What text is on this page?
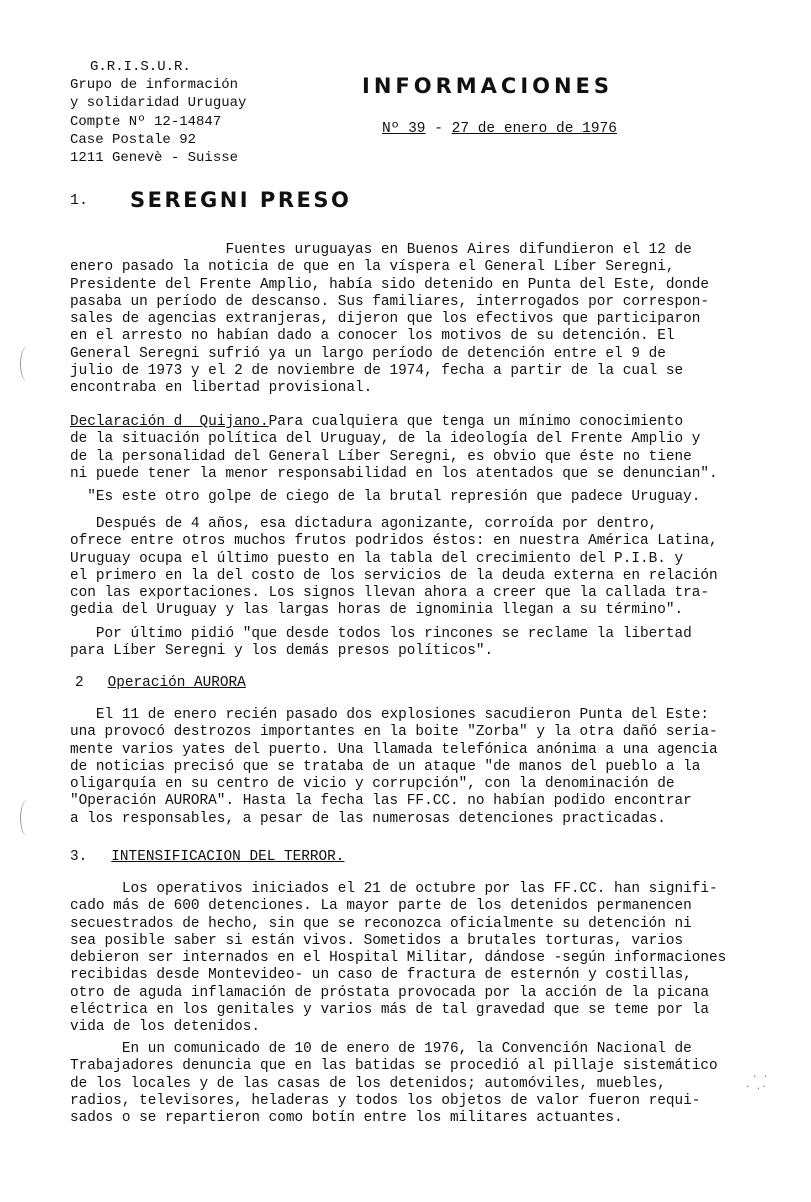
G.R.I.S.U.R.
Grupo de información
y solidaridad Uruguay
Compte Nº 12-14847
Case Postale 92
1211 Genevè - Suisse
INFORMACIONES
Nº 39 - 27 de enero de 1976
1. SEREGNI PRESO
Fuentes uruguayas en Buenos Aires difundieron el 12 de
enero pasado la noticia de que en la víspera el General Líber Seregni,
Presidente del Frente Amplio, había sido detenido en Punta del Este, donde
pasaba un período de descanso. Sus familiares, interrogados por correspon-
sales de agencias extranjeras, dijeron que los efectivos que participaron
en el arresto no habían dado a conocer los motivos de su detención. El
General Seregni sufrió ya un largo período de detención entre el 9 de
julio de 1973 y el 2 de noviembre de 1974, fecha a partir de la cual se
encontraba en libertad provisional.
Declaración d  Quijano.Para cualquiera que tenga un mínimo conocimiento
de la situación política del Uruguay, de la ideología del Frente Amplio y
de la personalidad del General Líber Seregni, es obvio que éste no tiene
ni puede tener la menor responsabilidad en los atentados que se denuncian".
"Es este otro golpe de ciego de la brutal represión que padece Uruguay.
Después de 4 años, esa dictadura agonizante, corroída por dentro,
ofrece entre otros muchos frutos podridos éstos: en nuestra América Latina,
Uruguay ocupa el último puesto en la tabla del crecimiento del P.I.B. y
el primero en la del costo de los servicios de la deuda externa en relación
con las exportaciones. Los signos llevan ahora a creer que la callada tra-
gedia del Uruguay y las largas horas de ignominia llegan a su término".
Por último pidió "que desde todos los rincones se reclame la libertad
para Líber Seregni y los demás presos políticos".
2 Operación AURORA
El 11 de enero recién pasado dos explosiones sacudieron Punta del Este:
una provocó destrozos importantes en la boite "Zorba" y la otra dañó seria-
mente varios yates del puerto. Una llamada telefónica anónima a una agencia
de noticias precisó que se trataba de un ataque "de manos del pueblo a la
oligarquía en su centro de vicio y corrupción", con la denominación de
"Operación AURORA". Hasta la fecha las FF.CC. no habían podido encontrar
a los responsables, a pesar de las numerosas detenciones practicadas.
3. INTENSIFICACION DEL TERROR.
Los operativos iniciados el 21 de octubre por las FF.CC. han signifi-
cado más de 600 detenciones. La mayor parte de los detenidos permanencen
secuestrados de hecho, sin que se reconozca oficialmente su detención ni
sea posible saber si están vivos. Sometidos a brutales torturas, varios
debieron ser internados en el Hospital Militar, dándose -según informaciones
recibidas desde Montevideo- un caso de fractura de esternón y costillas,
otro de aguda inflamación de próstata provocada por la acción de la picana
eléctrica en los genitales y varios más de tal gravedad que se teme por la
vida de los detenidos.
En un comunicado de 10 de enero de 1976, la Convención Nacional de
Trabajadores denuncia que en las batidas se procedió al pillaje sistemático
de los locales y de las casas de los detenidos; automóviles, muebles,
radios, televisores, heladeras y todos los objetos de valor fueron requi-
sados o se repartieron como botín entre los militares actuantes.
· ·
· .·
